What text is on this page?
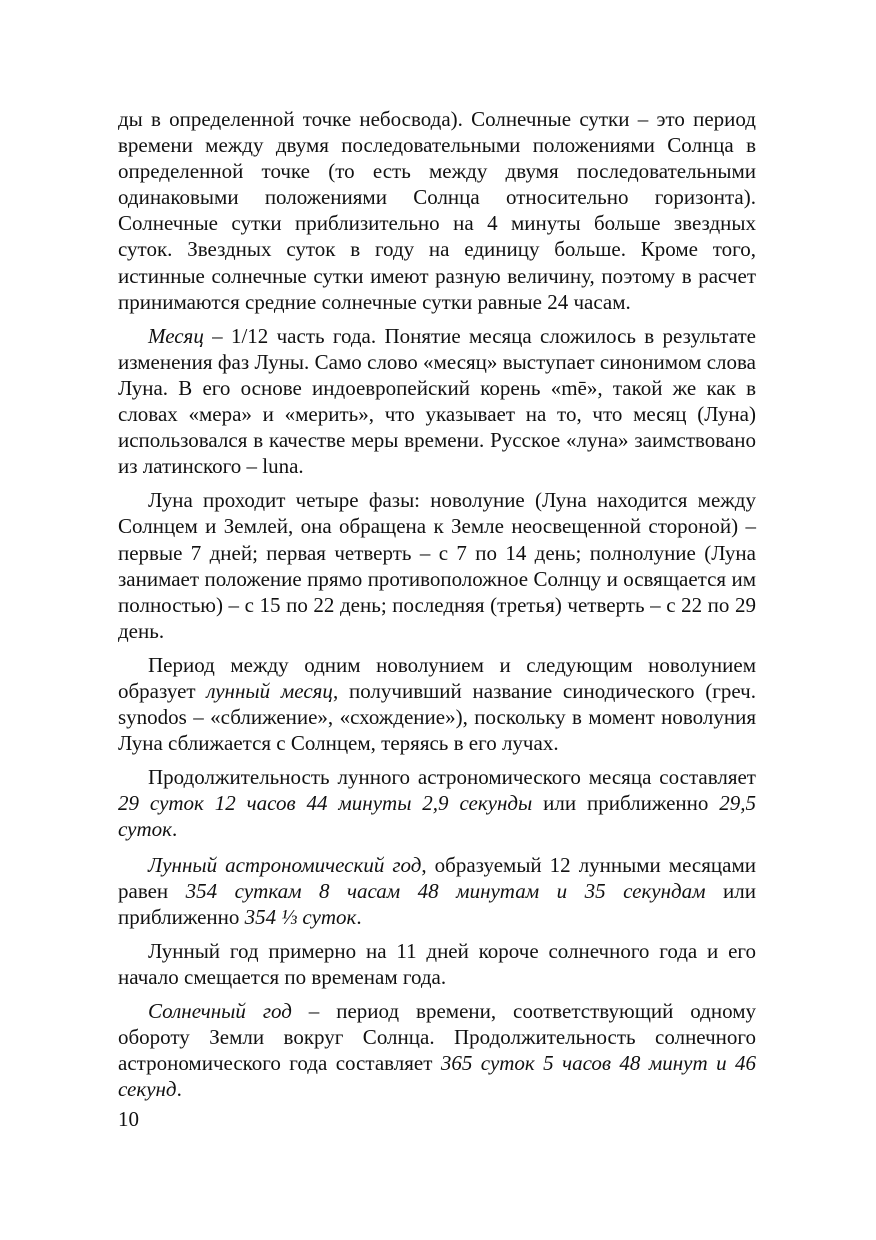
ды в определенной точке небосвода). Солнечные сутки – это период времени между двумя последовательными положениями Солнца в определенной точке (то есть между двумя последовательными одинаковыми положениями Солнца относительно горизонта). Солнечные сутки приблизительно на 4 минуты больше звездных суток. Звездных суток в году на единицу больше. Кроме того, истинные солнечные сутки имеют разную величину, поэтому в расчет принимаются средние солнечные сутки равные 24 часам.

Месяц – 1/12 часть года. Понятие месяца сложилось в результате изменения фаз Луны. Само слово «месяц» выступает синонимом слова Луна. В его основе индоевропейский корень «mē», такой же как в словах «мера» и «мерить», что указывает на то, что месяц (Луна) использовался в качестве меры времени. Русское «луна» заимствовано из латинского – luna.

Луна проходит четыре фазы: новолуние (Луна находится между Солнцем и Землей, она обращена к Земле неосвещенной стороной) – первые 7 дней; первая четверть – с 7 по 14 день; полнолуние (Луна занимает положение прямо противоположное Солнцу и освящается им полностью) – с 15 по 22 день; последняя (третья) четверть – с 22 по 29 день.

Период между одним новолунием и следующим новолунием образует лунный месяц, получивший название синодического (греч. synodos – «сближение», «схождение»), поскольку в момент новолуния Луна сближается с Солнцем, теряясь в его лучах.

Продолжительность лунного астрономического месяца составляет 29 суток 12 часов 44 минуты 2,9 секунды или приближенно 29,5 суток.

Лунный астрономический год, образуемый 12 лунными месяцами равен 354 суткам 8 часам 48 минутам и 35 секундам или приближенно 354 ⅓ суток.

Лунный год примерно на 11 дней короче солнечного года и его начало смещается по временам года.

Солнечный год – период времени, соответствующий одному обороту Земли вокруг Солнца. Продолжительность солнечного астрономического года составляет 365 суток 5 часов 48 минут и 46 секунд.

10
